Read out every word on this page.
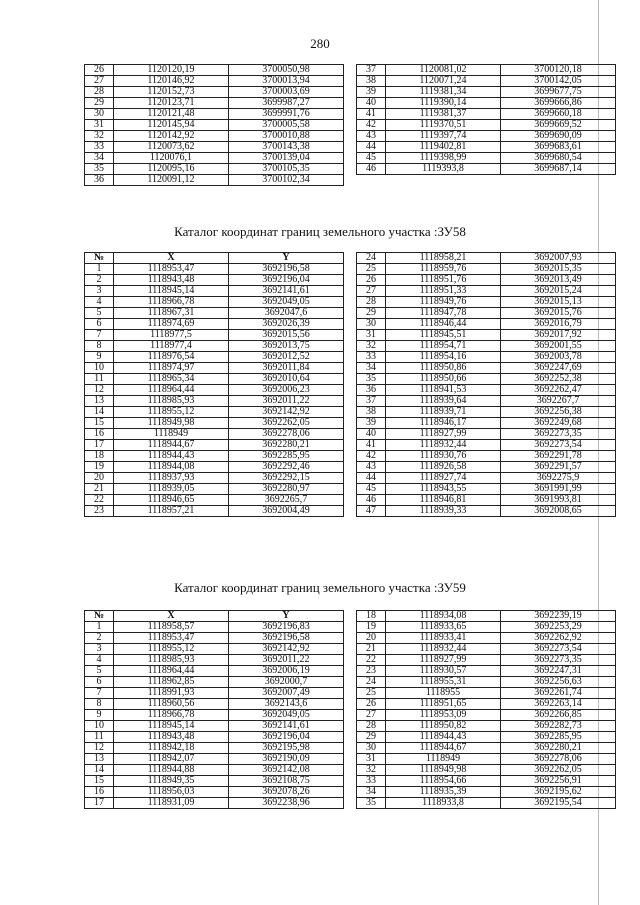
280
26	1120120,19	3700050,98
27	1120146,92	3700013,94
28	1120152,73	3700003,69
29	1120123,71	3699987,27
30	1120121,48	3699991,76
31	1120145,94	3700005,58
32	1120142,92	3700010,88
33	1120073,62	3700143,38
34	1120076,1	3700139,04
35	1120095,16	3700105,35
36	1120091,12	3700102,34
37	1120081,02	3700120,18
38	1120071,24	3700142,05
39	1119381,34	3699677,75
40	1119390,14	3699666,86
41	1119381,37	3699660,18
42	1119370,51	3699669,52
43	1119397,74	3699690,09
44	1119402,81	3699683,61
45	1119398,99	3699680,54
46	1119393,8	3699687,14
Каталог координат границ земельного участка :ЗУ58
№	X	Y
1	1118953,47	3692196,58
2	1118943,48	3692196,04
3	1118945,14	3692141,61
4	1118966,78	3692049,05
5	1118967,31	3692047,6
6	1118974,69	3692026,39
7	1118977,5	3692015,56
8	1118977,4	3692013,75
9	1118976,54	3692012,52
10	1118974,97	3692011,84
11	1118965,34	3692010,64
12	1118964,44	3692006,23
13	1118985,93	3692011,22
14	1118955,12	3692142,92
15	1118949,98	3692262,05
16	1118949	3692278,06
17	1118944,67	3692280,21
18	1118944,43	3692285,95
19	1118944,08	3692292,46
20	1118937,93	3692292,15
21	1118939,05	3692280,97
22	1118946,65	3692265,7
23	1118957,21	3692004,49
24	1118958,21	3692007,93
25	1118959,76	3692015,35
26	1118951,76	3692013,49
27	1118951,33	3692015,24
28	1118949,76	3692015,13
29	1118947,78	3692015,76
30	1118946,44	3692016,79
31	1118945,51	3692017,92
32	1118954,71	3692001,55
33	1118954,16	3692003,78
34	1118950,86	3692247,69
35	1118950,66	3692252,38
36	1118941,53	3692262,47
37	1118939,64	3692267,7
38	1118939,71	3692256,38
39	1118946,17	3692249,68
40	1118927,99	3692273,35
41	1118932,44	3692273,54
42	1118930,76	3692291,78
43	1118926,58	3692291,57
44	1118927,74	3692275,9
45	1118943,55	3691991,99
46	1118946,81	3691993,81
47	1118939,33	3692008,65
Каталог координат границ земельного участка :ЗУ59
№	X	Y
1	1118958,57	3692196,83
2	1118953,47	3692196,58
3	1118955,12	3692142,92
4	1118985,93	3692011,22
5	1118964,44	3692006,19
6	1118962,85	3692000,7
7	1118991,93	3692007,49
8	1118960,56	3692143,6
9	1118966,78	3692049,05
10	1118945,14	3692141,61
11	1118943,48	3692196,04
12	1118942,18	3692195,98
13	1118942,07	3692190,09
14	1118944,88	3692142,08
15	1118949,35	3692108,75
16	1118956,03	3692078,26
17	1118931,09	3692238,96
18	1118934,08	3692239,19
19	1118933,65	3692253,29
20	1118933,41	3692262,92
21	1118932,44	3692273,54
22	1118927,99	3692273,35
23	1118930,57	3692247,31
24	1118955,31	3692256,63
25	1118955	3692261,74
26	1118951,65	3692263,14
27	1118953,09	3692266,85
28	1118950,82	3692282,73
29	1118944,43	3692285,95
30	1118944,67	3692280,21
31	1118949	3692278,06
32	1118949,98	3692262,05
33	1118954,66	3692256,91
34	1118935,39	3692195,62
35	1118933,8	3692195,54
